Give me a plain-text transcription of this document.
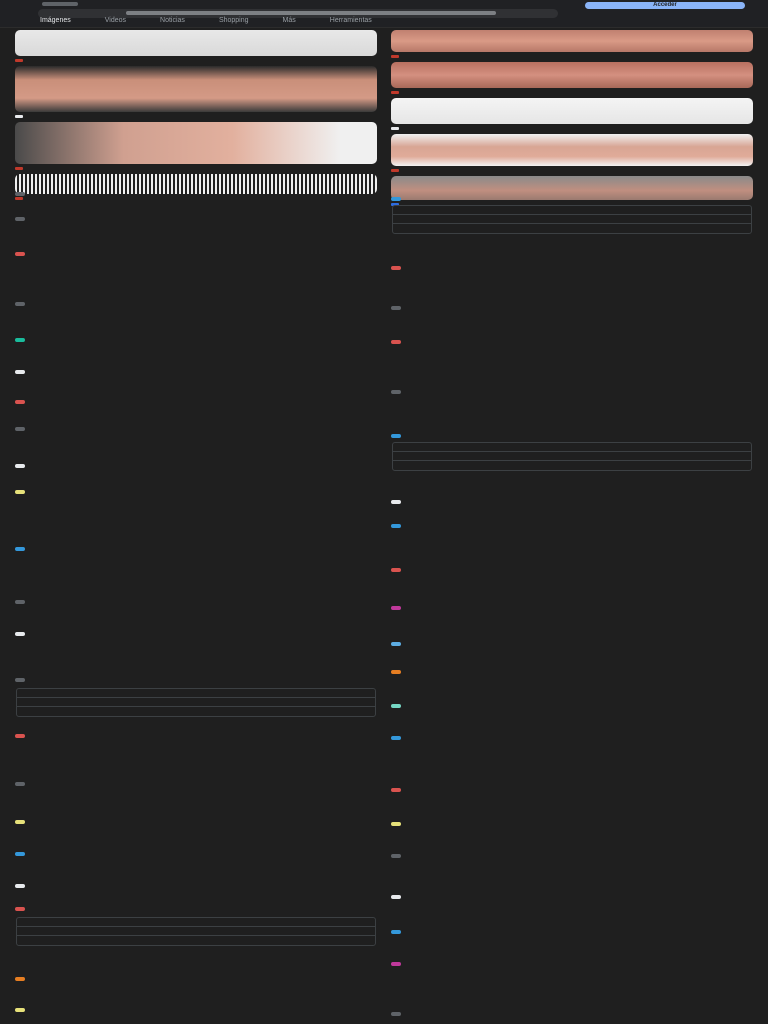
Acceder
Imágenes	Videos	Noticias	Shopping	Más	Herramientas
